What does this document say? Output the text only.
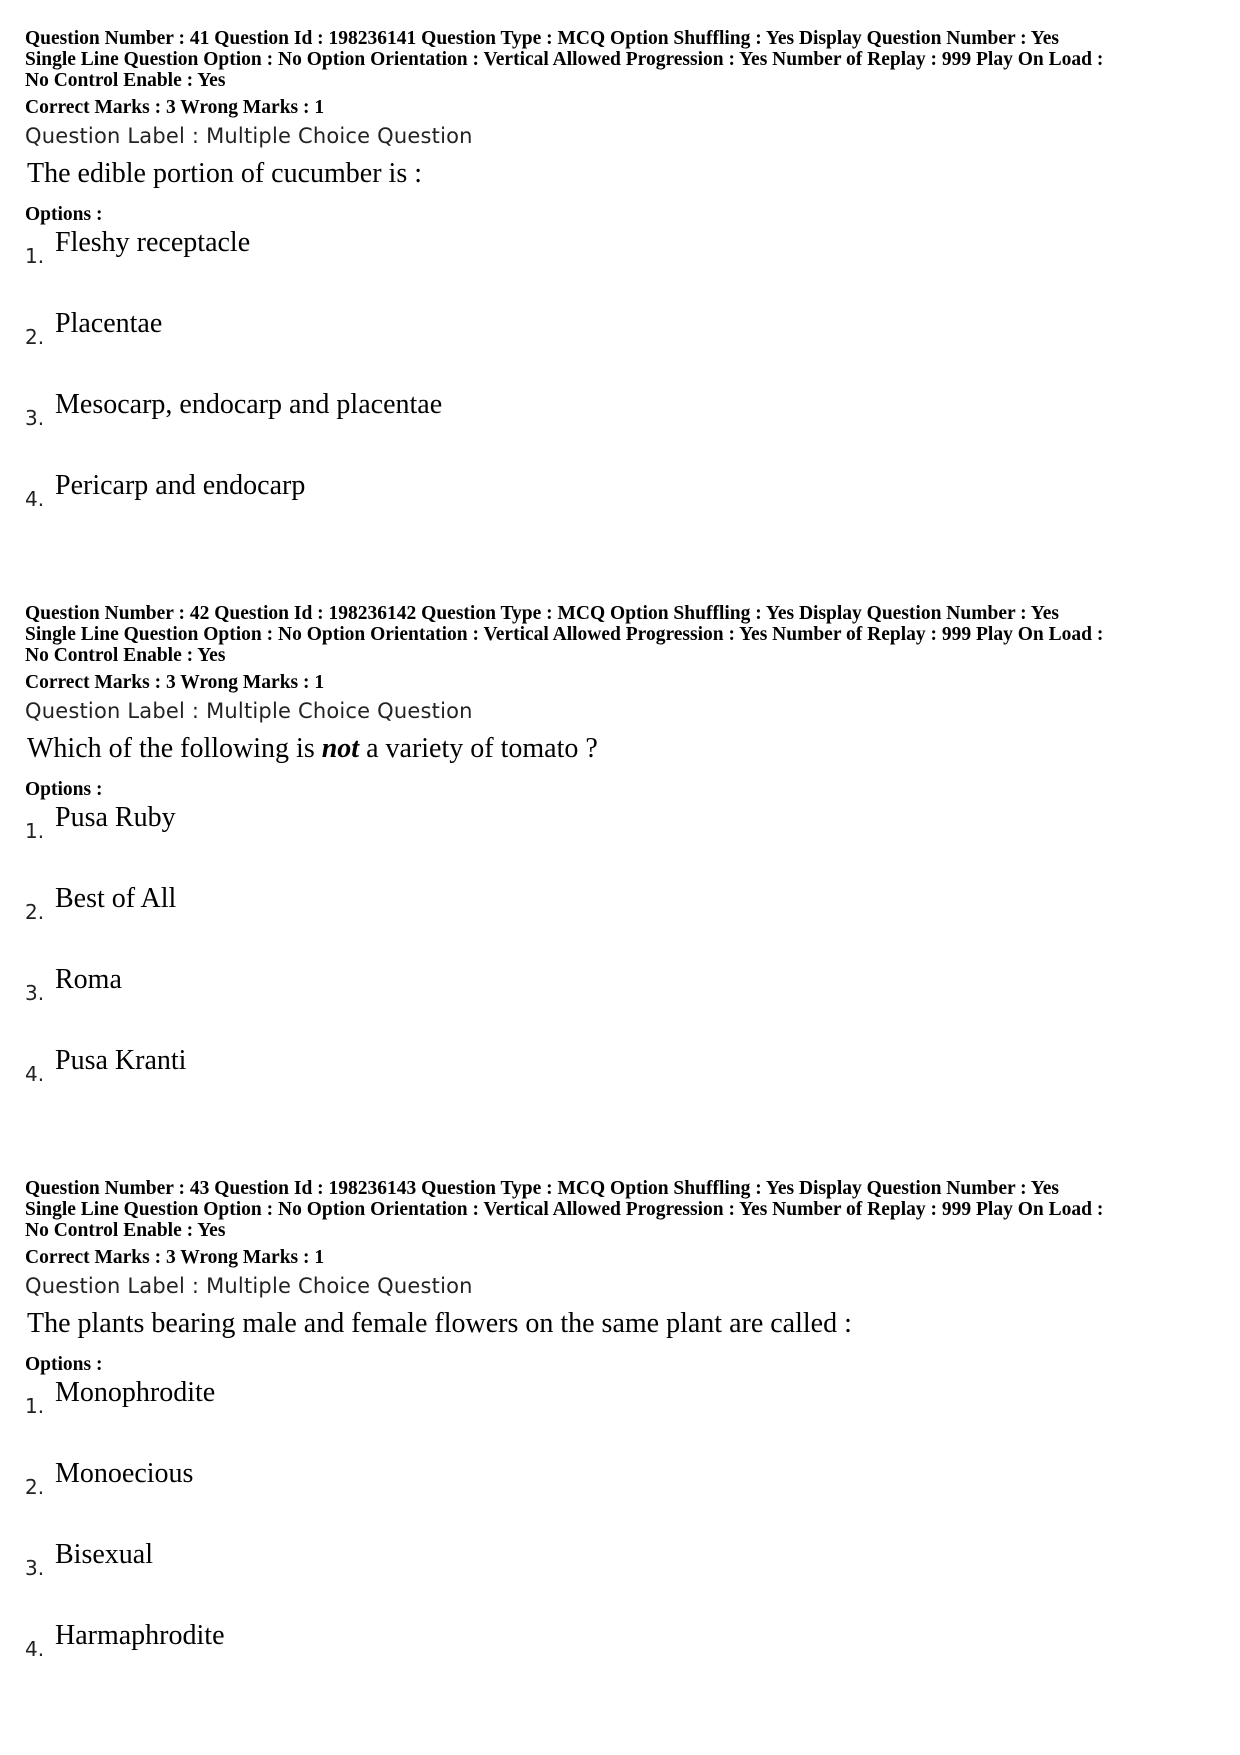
Question Number : 41 Question Id : 198236141 Question Type : MCQ Option Shuffling : Yes Display Question Number : Yes
Single Line Question Option : No Option Orientation : Vertical Allowed Progression : Yes Number of Replay : 999 Play On Load :
No Control Enable : Yes
Correct Marks : 3 Wrong Marks : 1
Question Label : Multiple Choice Question
The edible portion of cucumber is :
Options :
1. Fleshy receptacle
2. Placentae
3. Mesocarp, endocarp and placentae
4. Pericarp and endocarp
Question Number : 42 Question Id : 198236142 Question Type : MCQ Option Shuffling : Yes Display Question Number : Yes
Single Line Question Option : No Option Orientation : Vertical Allowed Progression : Yes Number of Replay : 999 Play On Load :
No Control Enable : Yes
Correct Marks : 3 Wrong Marks : 1
Question Label : Multiple Choice Question
Which of the following is not a variety of tomato ?
Options :
1. Pusa Ruby
2. Best of All
3. Roma
4. Pusa Kranti
Question Number : 43 Question Id : 198236143 Question Type : MCQ Option Shuffling : Yes Display Question Number : Yes
Single Line Question Option : No Option Orientation : Vertical Allowed Progression : Yes Number of Replay : 999 Play On Load :
No Control Enable : Yes
Correct Marks : 3 Wrong Marks : 1
Question Label : Multiple Choice Question
The plants bearing male and female flowers on the same plant are called :
Options :
1. Monophrodite
2. Monoecious
3. Bisexual
4. Harmaphrodite
